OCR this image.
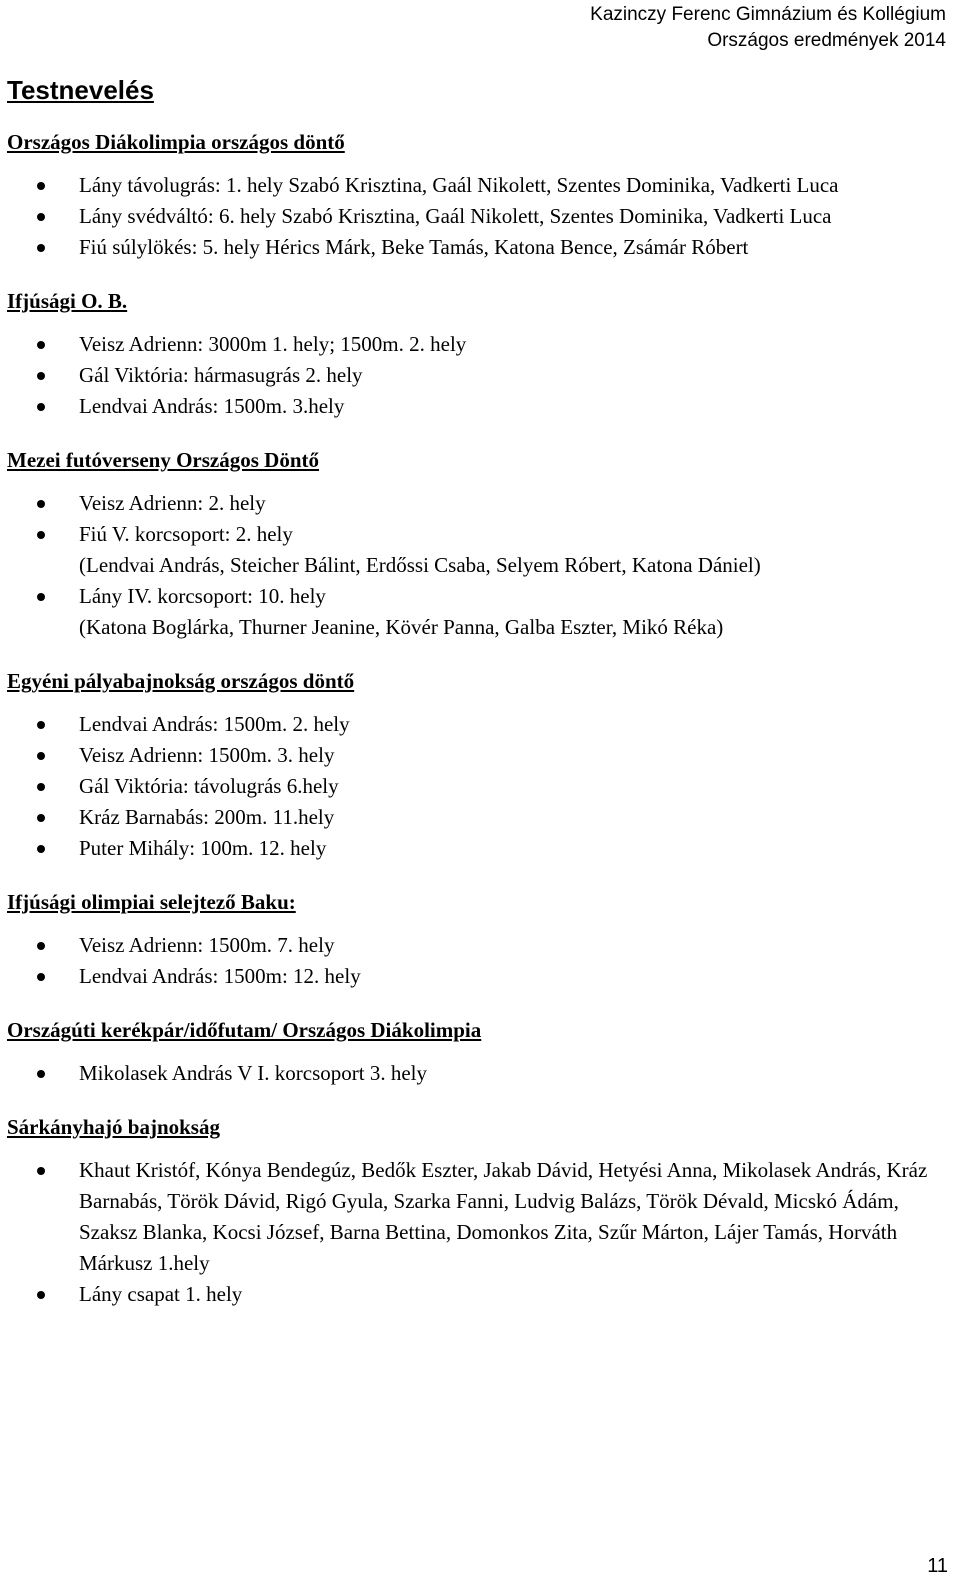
Kazinczy Ferenc Gimnázium és Kollégium
Országos eredmények 2014
Testnevelés
Országos Diákolimpia országos döntő
Lány távolugrás: 1. hely Szabó Krisztina, Gaál Nikolett, Szentes Dominika, Vadkerti Luca
Lány svédváltó: 6. hely Szabó Krisztina, Gaál Nikolett, Szentes Dominika, Vadkerti Luca
Fiú súlylökés: 5. hely Hérics Márk, Beke Tamás, Katona Bence, Zsámár Róbert
Ifjúsági O. B.
Veisz Adrienn: 3000m 1. hely; 1500m. 2. hely
Gál Viktória: hármasugrás 2. hely
Lendvai András: 1500m. 3.hely
Mezei futóverseny Országos Döntő
Veisz Adrienn: 2. hely
Fiú V. korcsoport: 2. hely
(Lendvai András, Steicher Bálint, Erdőssi Csaba, Selyem Róbert, Katona Dániel)
Lány IV. korcsoport: 10. hely
(Katona Boglárka, Thurner Jeanine, Kövér Panna, Galba Eszter, Mikó Réka)
Egyéni pályabajnokság országos döntő
Lendvai András: 1500m. 2. hely
Veisz Adrienn: 1500m. 3. hely
Gál Viktória: távolugrás 6.hely
Kráz Barnabás: 200m. 11.hely
Puter Mihály: 100m. 12. hely
Ifjúsági olimpiai selejtező Baku:
Veisz Adrienn: 1500m. 7. hely
Lendvai András: 1500m: 12. hely
Országúti kerékpár/időfutam/ Országos Diákolimpia
Mikolasek András V I. korcsoport 3. hely
Sárkányhajó bajnokság
Khaut Kristóf, Kónya Bendegúz, Bedők Eszter, Jakab Dávid, Hetyési Anna, Mikolasek András, Kráz Barnabás, Török Dávid, Rigó Gyula, Szarka Fanni, Ludvig Balázs, Török Dévald, Micskó Ádám, Szaksz Blanka, Kocsi József, Barna Bettina, Domonkos Zita, Szűr Márton, Lájer Tamás, Horváth Márkusz 1.hely
Lány csapat 1. hely
11
